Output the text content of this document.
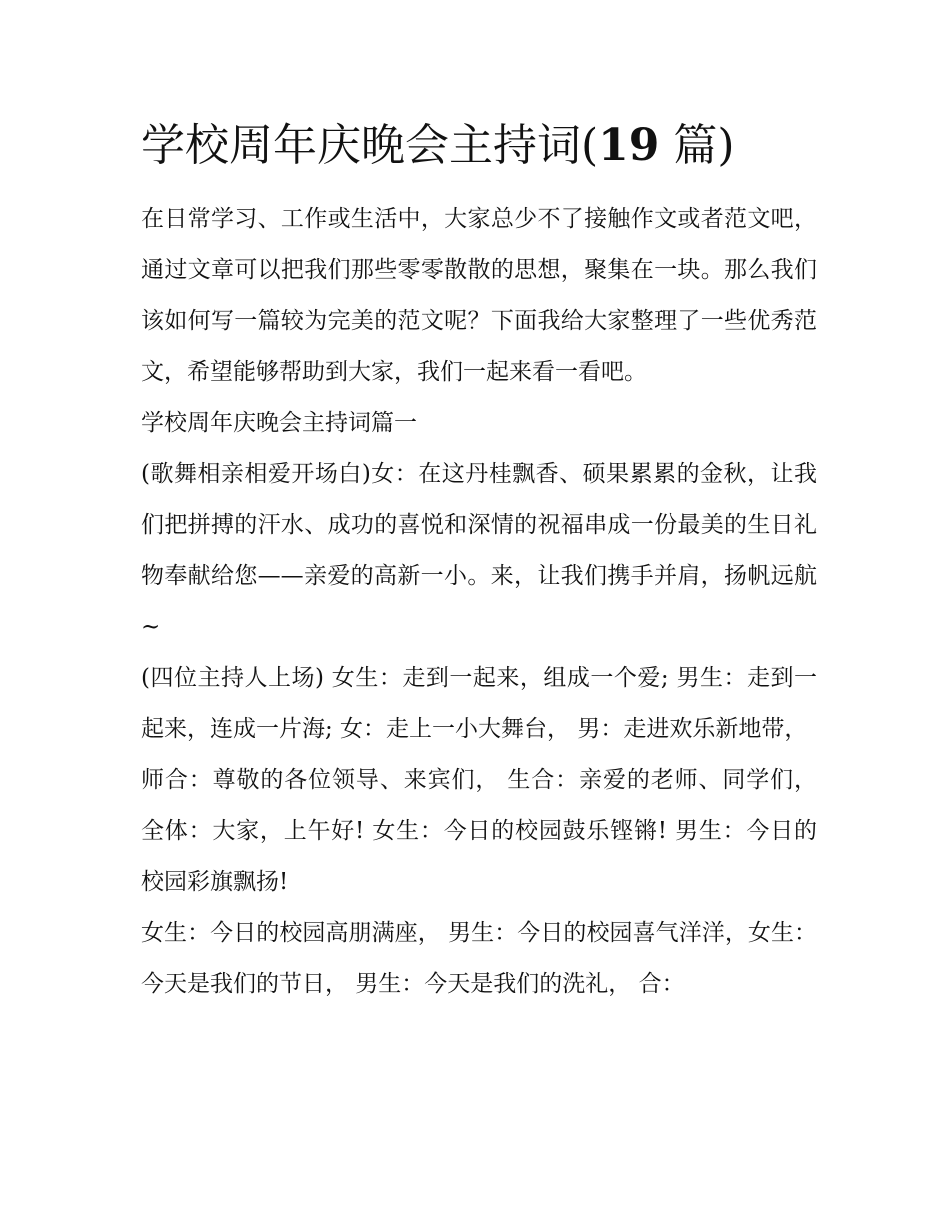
学校周年庆晚会主持词(19 篇)

在日常学习、工作或生活中，大家总少不了接触作文或者范文吧，通过文章可以把我们那些零零散散的思想，聚集在一块。那么我们该如何写一篇较为完美的范文呢？下面我给大家整理了一些优秀范文，希望能够帮助到大家，我们一起来看一看吧。

学校周年庆晚会主持词篇一

(歌舞相亲相爱开场白)女：在这丹桂飘香、硕果累累的金秋，让我们把拼搏的汗水、成功的喜悦和深情的祝福串成一份最美的生日礼物奉献给您——亲爱的高新一小。来，让我们携手并肩，扬帆远航~

(四位主持人上场) 女生：走到一起来，组成一个爱; 男生：走到一起来，连成一片海; 女：走上一小大舞台， 男：走进欢乐新地带，

师合：尊敬的各位领导、来宾们， 生合：亲爱的老师、同学们， 全体：大家，上午好! 女生：今日的校园鼓乐铿锵! 男生：今日的校园彩旗飘扬!

女生：今日的校园高朋满座， 男生：今日的校园喜气洋洋，女生：今天是我们的节日， 男生：今天是我们的洗礼， 合：
